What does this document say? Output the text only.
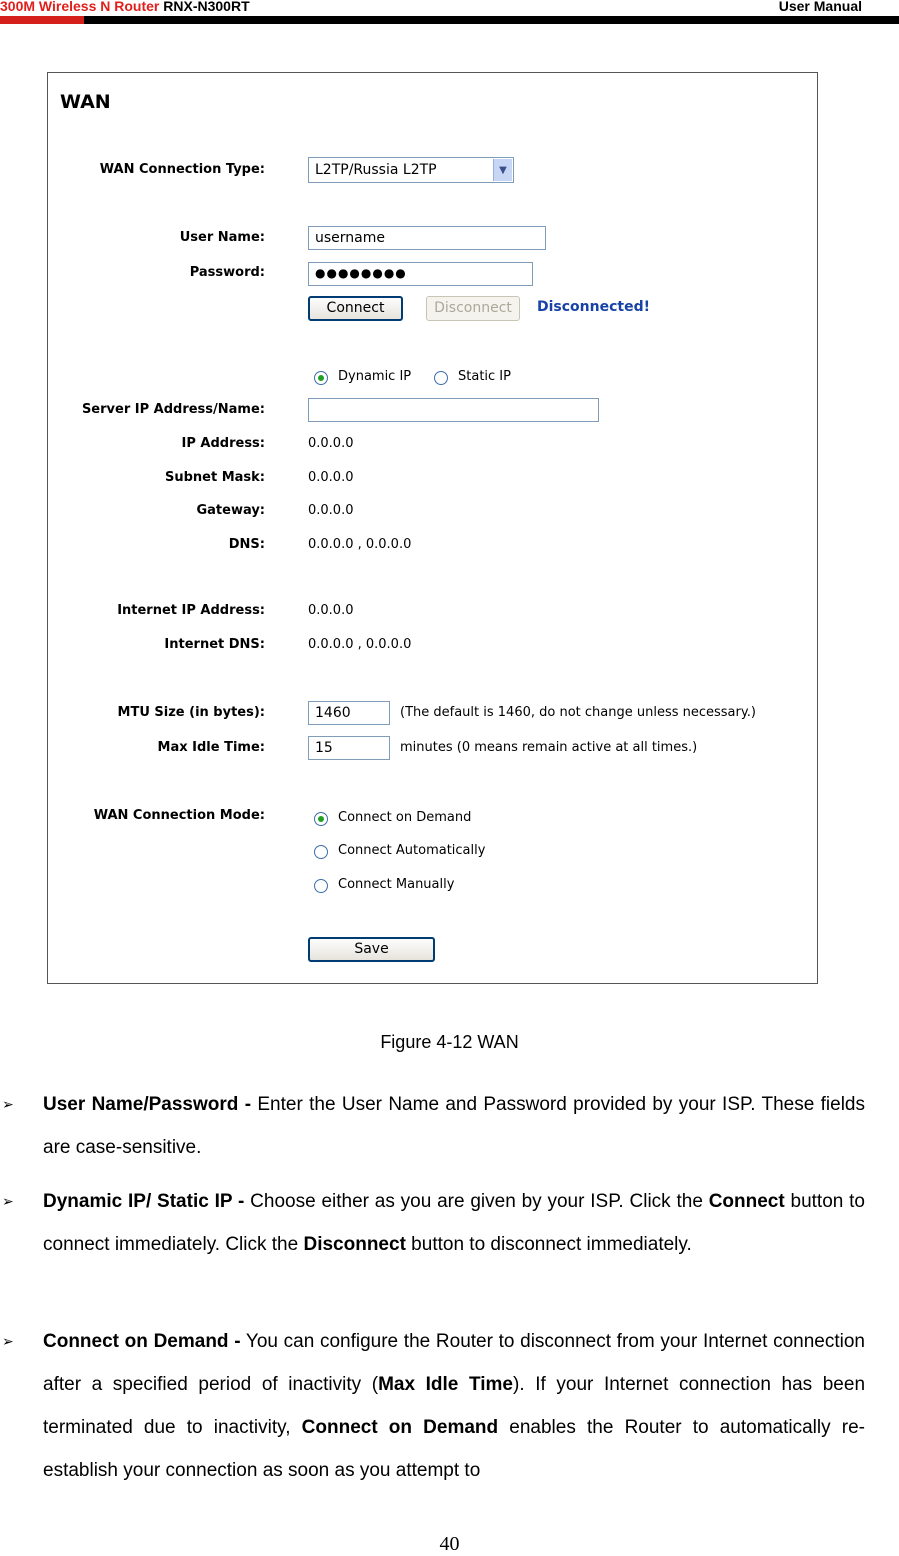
300M Wireless N Router RNX-N300RT	User Manual
WAN
WAN Connection Type:	L2TP/Russia L2TP	▼
User Name:	username
Password:	●●●●●●●●
Connect	Disconnect	Disconnected!
Dynamic IP	Static IP
Server IP Address/Name:
IP Address:	0.0.0.0
Subnet Mask:	0.0.0.0
Gateway:	0.0.0.0
DNS:	0.0.0.0 , 0.0.0.0
Internet IP Address:	0.0.0.0
Internet DNS:	0.0.0.0 , 0.0.0.0
MTU Size (in bytes):	1460	(The default is 1460, do not change unless necessary.)
Max Idle Time:	15	minutes (0 means remain active at all times.)
WAN Connection Mode:	Connect on Demand
Connect Automatically
Connect Manually
Save
Figure 4-12 WAN
➢ User Name/Password - Enter the User Name and Password provided by your ISP. These fields are case-sensitive.
➢ Dynamic IP/ Static IP - Choose either as you are given by your ISP. Click the Connect button to connect immediately. Click the Disconnect button to disconnect immediately.
➢ Connect on Demand - You can configure the Router to disconnect from your Internet connection after a specified period of inactivity (Max Idle Time). If your Internet connection has been terminated due to inactivity, Connect on Demand enables the Router to automatically re-establish your connection as soon as you attempt to
40
